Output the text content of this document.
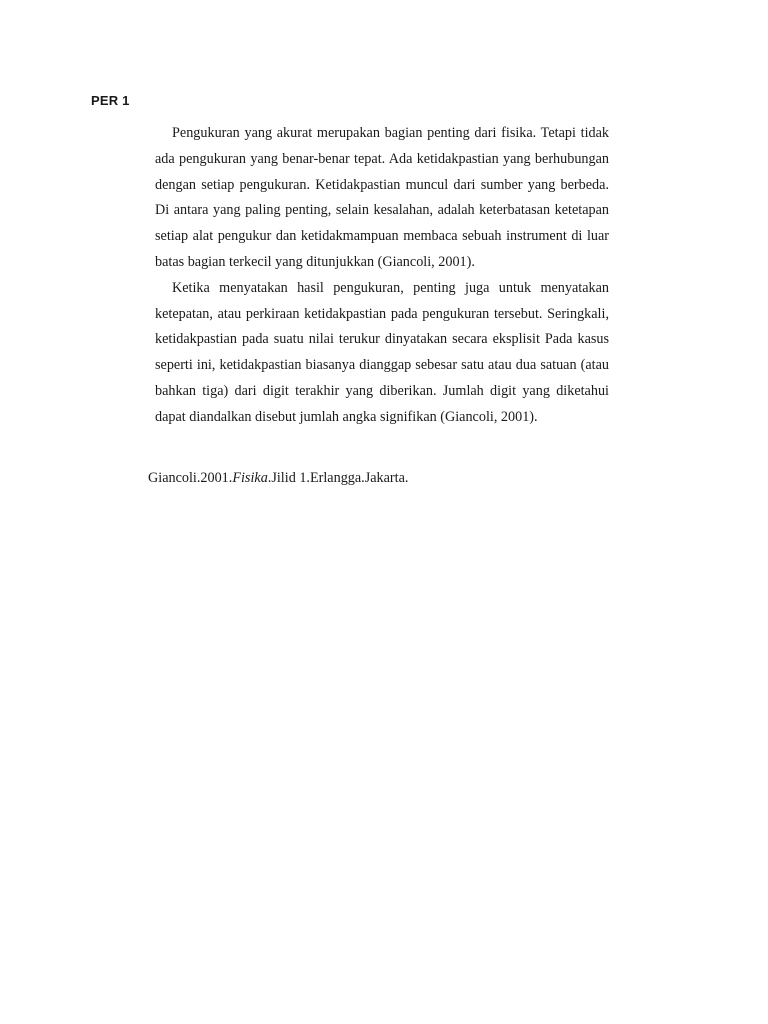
PER 1

Pengukuran yang akurat merupakan bagian penting dari fisika. Tetapi tidak ada pengukuran yang benar-benar tepat. Ada ketidakpastian yang berhubungan dengan setiap pengukuran. Ketidakpastian muncul dari sumber yang berbeda. Di antara yang paling penting, selain kesalahan, adalah keterbatasan ketetapan setiap alat pengukur dan ketidakmampuan membaca sebuah instrument di luar batas bagian terkecil yang ditunjukkan (Giancoli, 2001).

Ketika menyatakan hasil pengukuran, penting juga untuk menyatakan ketepatan, atau perkiraan ketidakpastian pada pengukuran tersebut. Seringkali, ketidakpastian pada suatu nilai terukur dinyatakan secara eksplisit Pada kasus seperti ini, ketidakpastian biasanya dianggap sebesar satu atau dua satuan (atau bahkan tiga) dari digit terakhir yang diberikan. Jumlah digit yang diketahui dapat diandalkan disebut jumlah angka signifikan (Giancoli, 2001).

Giancoli.2001.Fisika.Jilid 1.Erlangga.Jakarta.
